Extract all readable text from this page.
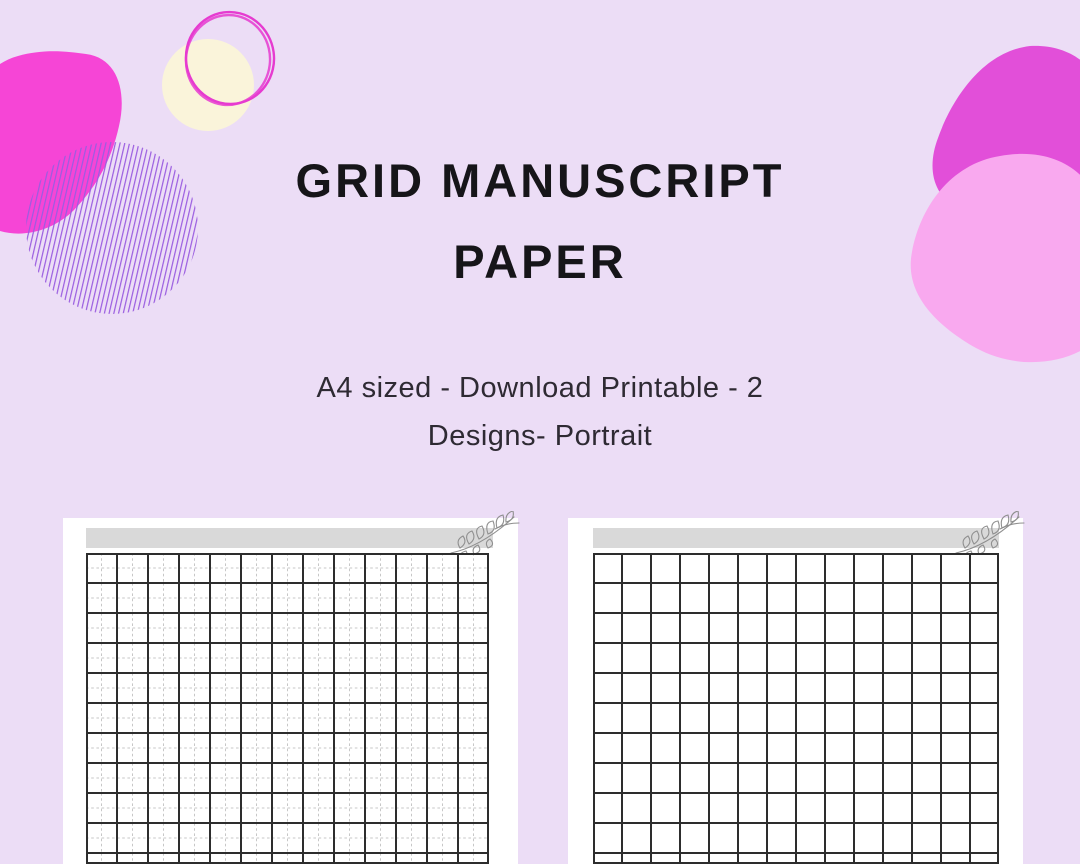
GRID MANUSCRIPT
PAPER
A4 sized - Download Printable - 2
Designs- Portrait
